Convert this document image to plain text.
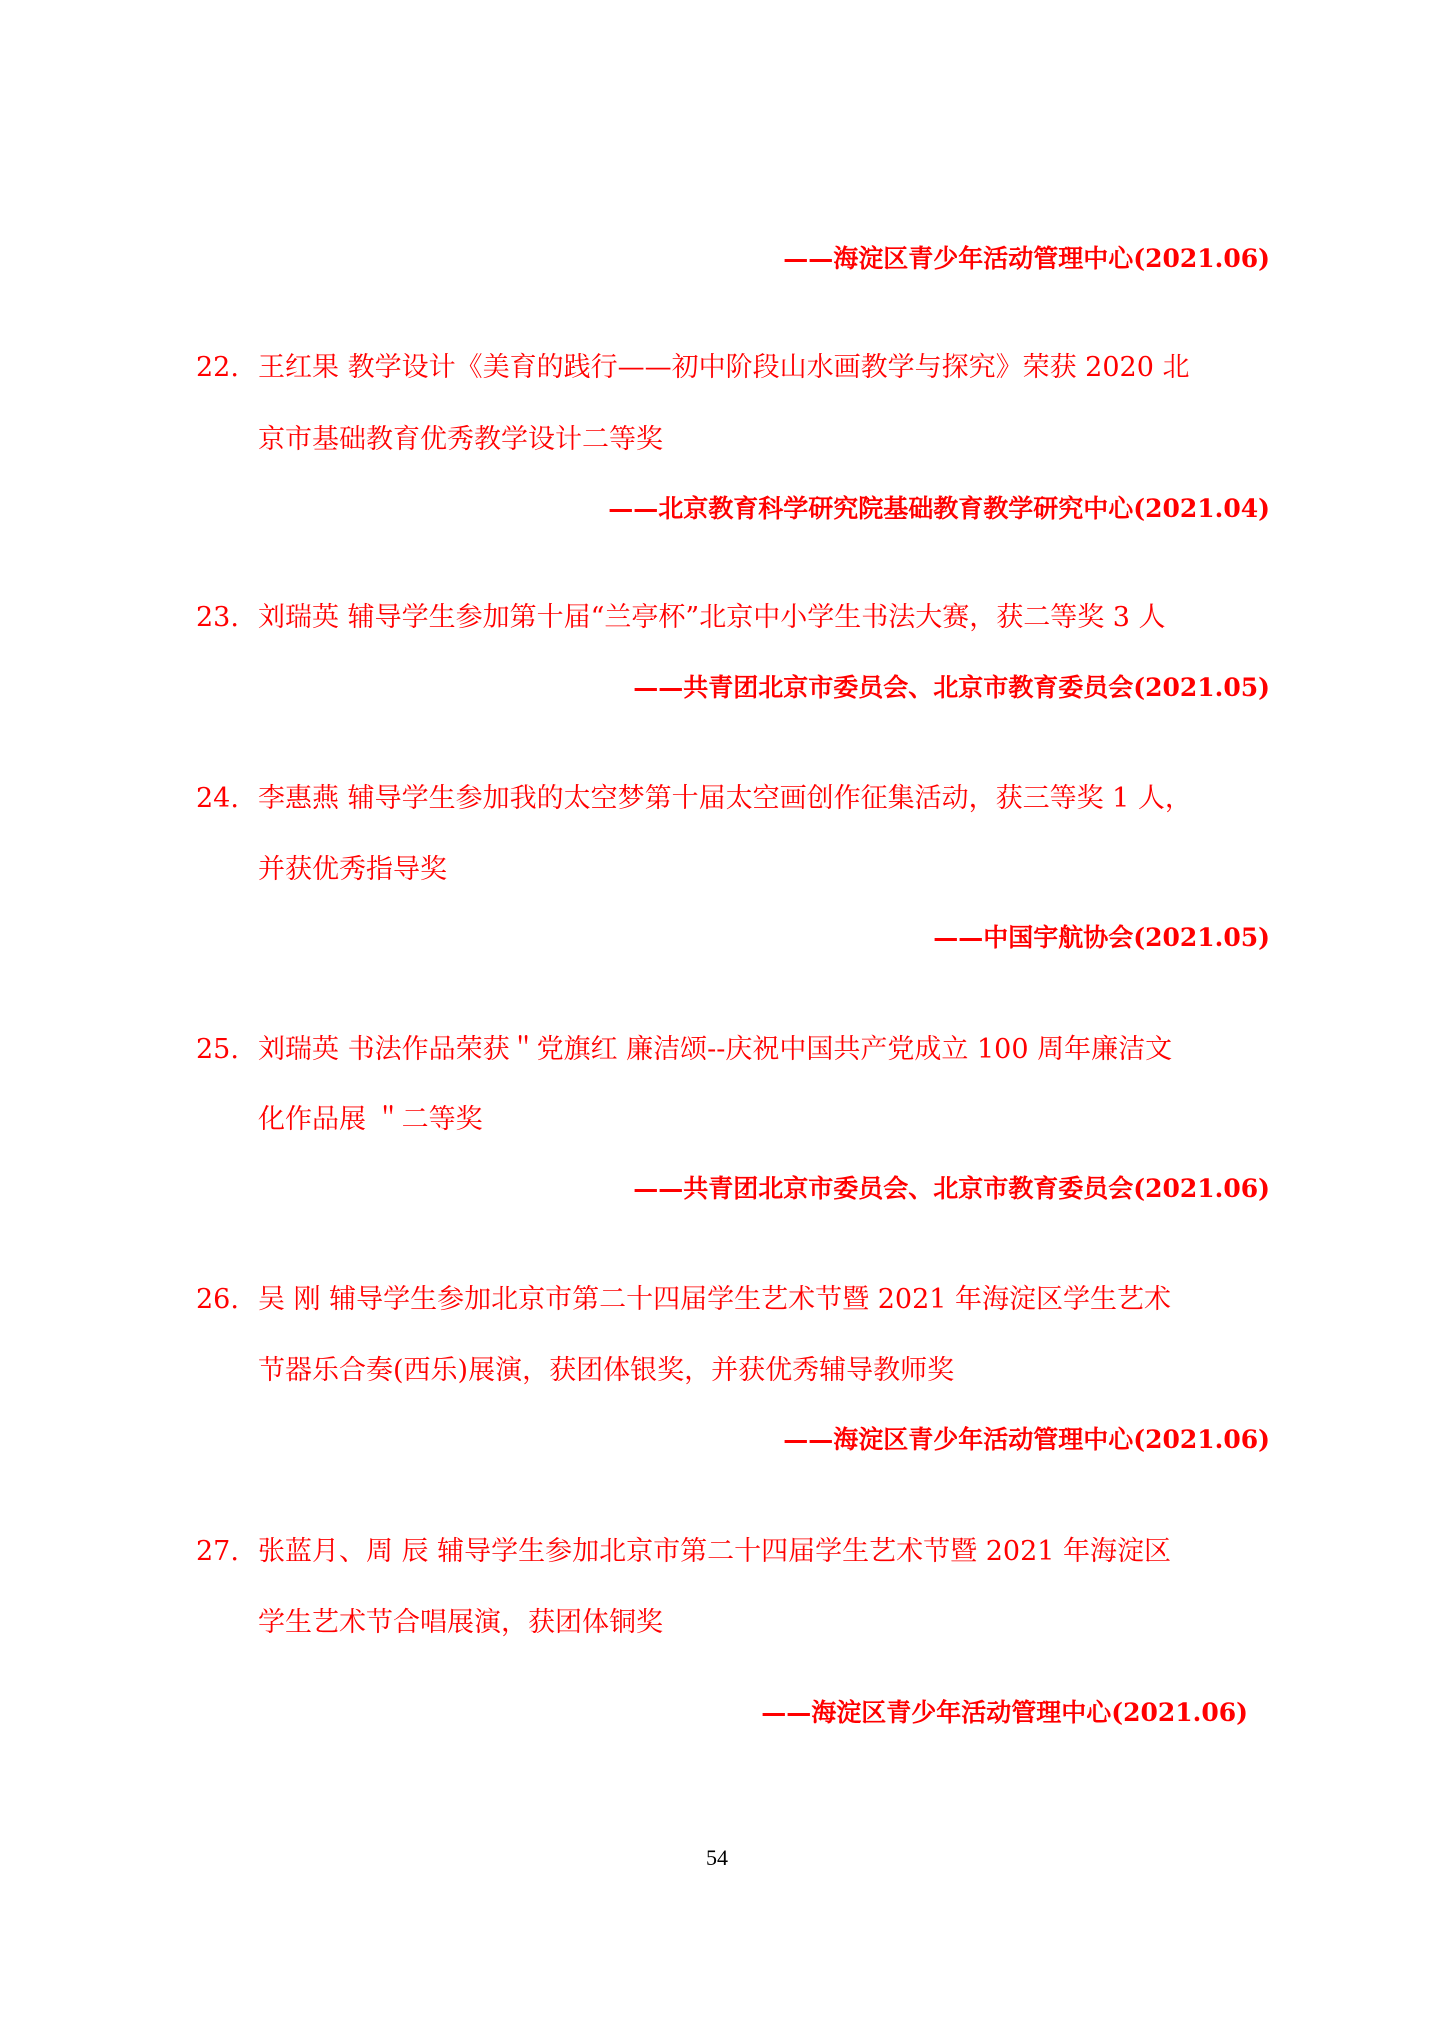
——海淀区青少年活动管理中心(2021.06)
22. 王红果 教学设计《美育的践行——初中阶段山水画教学与探究》荣获 2020 北
京市基础教育优秀教学设计二等奖
——北京教育科学研究院基础教育教学研究中心(2021.04)
23. 刘瑞英 辅导学生参加第十届“兰亭杯”北京中小学生书法大赛，获二等奖 3 人
——共青团北京市委员会、北京市教育委员会(2021.05)
24. 李惠燕 辅导学生参加我的太空梦第十届太空画创作征集活动，获三等奖 1 人，
并获优秀指导奖
——中国宇航协会(2021.05)
25. 刘瑞英 书法作品荣获＂党旗红 廉洁颂--庆祝中国共产党成立 100 周年廉洁文
化作品展 ＂二等奖
——共青团北京市委员会、北京市教育委员会(2021.06)
26. 吴 刚 辅导学生参加北京市第二十四届学生艺术节暨 2021 年海淀区学生艺术
节器乐合奏(西乐)展演，获团体银奖，并获优秀辅导教师奖
——海淀区青少年活动管理中心(2021.06)
27. 张蓝月、周 辰 辅导学生参加北京市第二十四届学生艺术节暨 2021 年海淀区
学生艺术节合唱展演，获团体铜奖
——海淀区青少年活动管理中心(2021.06)
54
